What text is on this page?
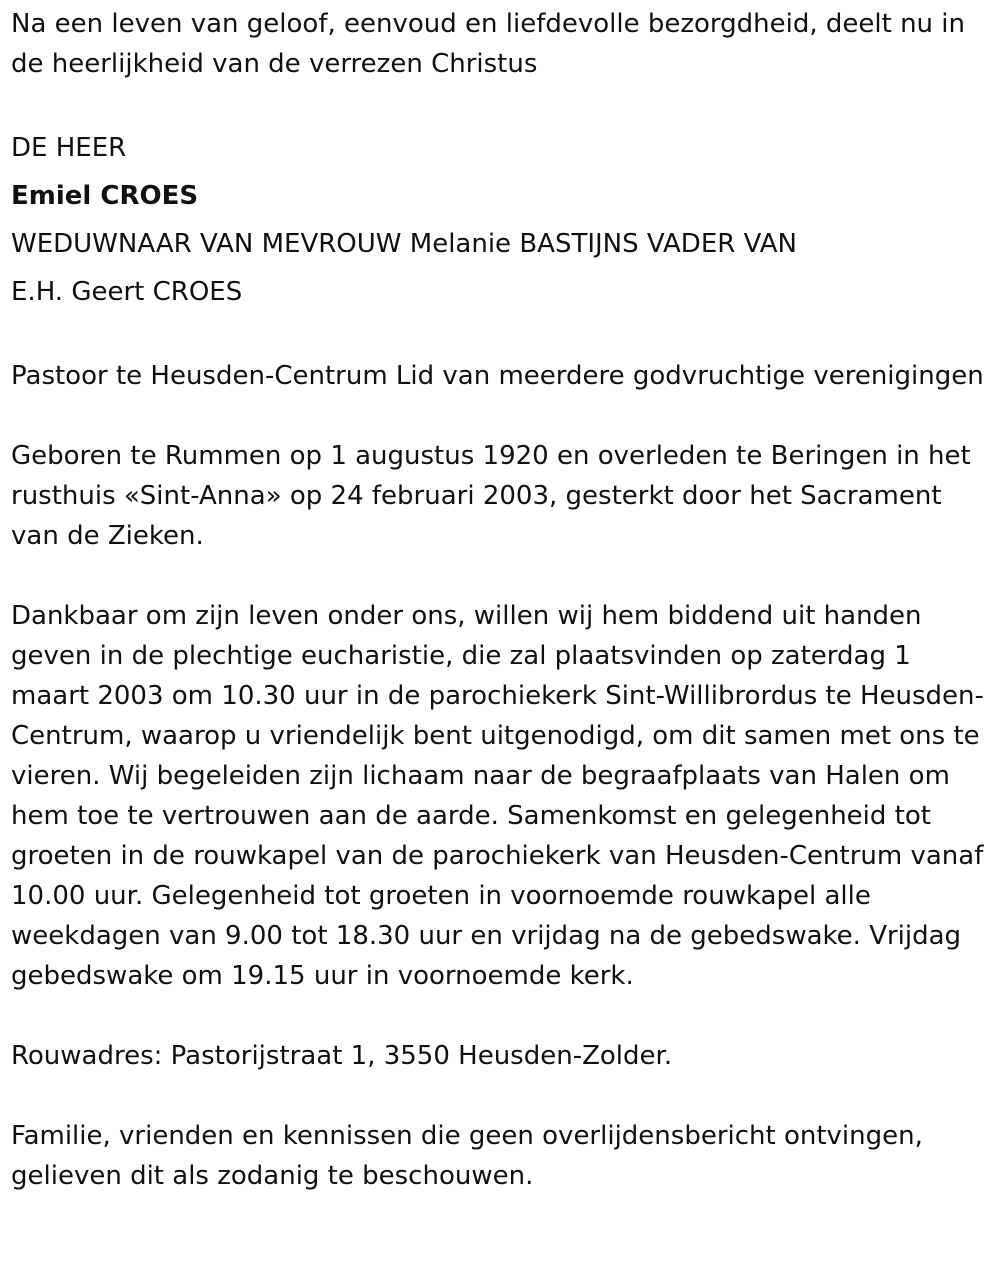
Na een leven van geloof, eenvoud en liefdevolle bezorgdheid, deelt nu in de heerlijkheid van de verrezen Christus

DE HEER

Emiel CROES

WEDUWNAAR VAN MEVROUW Melanie BASTIJNS VADER VAN

E.H. Geert CROES

Pastoor te Heusden-Centrum Lid van meerdere godvruchtige verenigingen

Geboren te Rummen op 1 augustus 1920 en overleden te Beringen in het rusthuis «Sint-Anna» op 24 februari 2003, gesterkt door het Sacrament van de Zieken.

Dankbaar om zijn leven onder ons, willen wij hem biddend uit handen geven in de plechtige eucharistie, die zal plaatsvinden op zaterdag 1 maart 2003 om 10.30 uur in de parochiekerk Sint-Willibrordus te Heusden-Centrum, waarop u vriendelijk bent uitgenodigd, om dit samen met ons te vieren. Wij begeleiden zijn lichaam naar de begraafplaats van Halen om hem toe te vertrouwen aan de aarde. Samenkomst en gelegenheid tot groeten in de rouwkapel van de parochiekerk van Heusden-Centrum vanaf 10.00 uur. Gelegenheid tot groeten in voornoemde rouwkapel alle weekdagen van 9.00 tot 18.30 uur en vrijdag na de gebedswake. Vrijdag gebedswake om 19.15 uur in voornoemde kerk.

Rouwadres: Pastorijstraat 1, 3550 Heusden-Zolder.

Familie, vrienden en kennissen die geen overlijdensbericht ontvingen, gelieven dit als zodanig te beschouwen.
